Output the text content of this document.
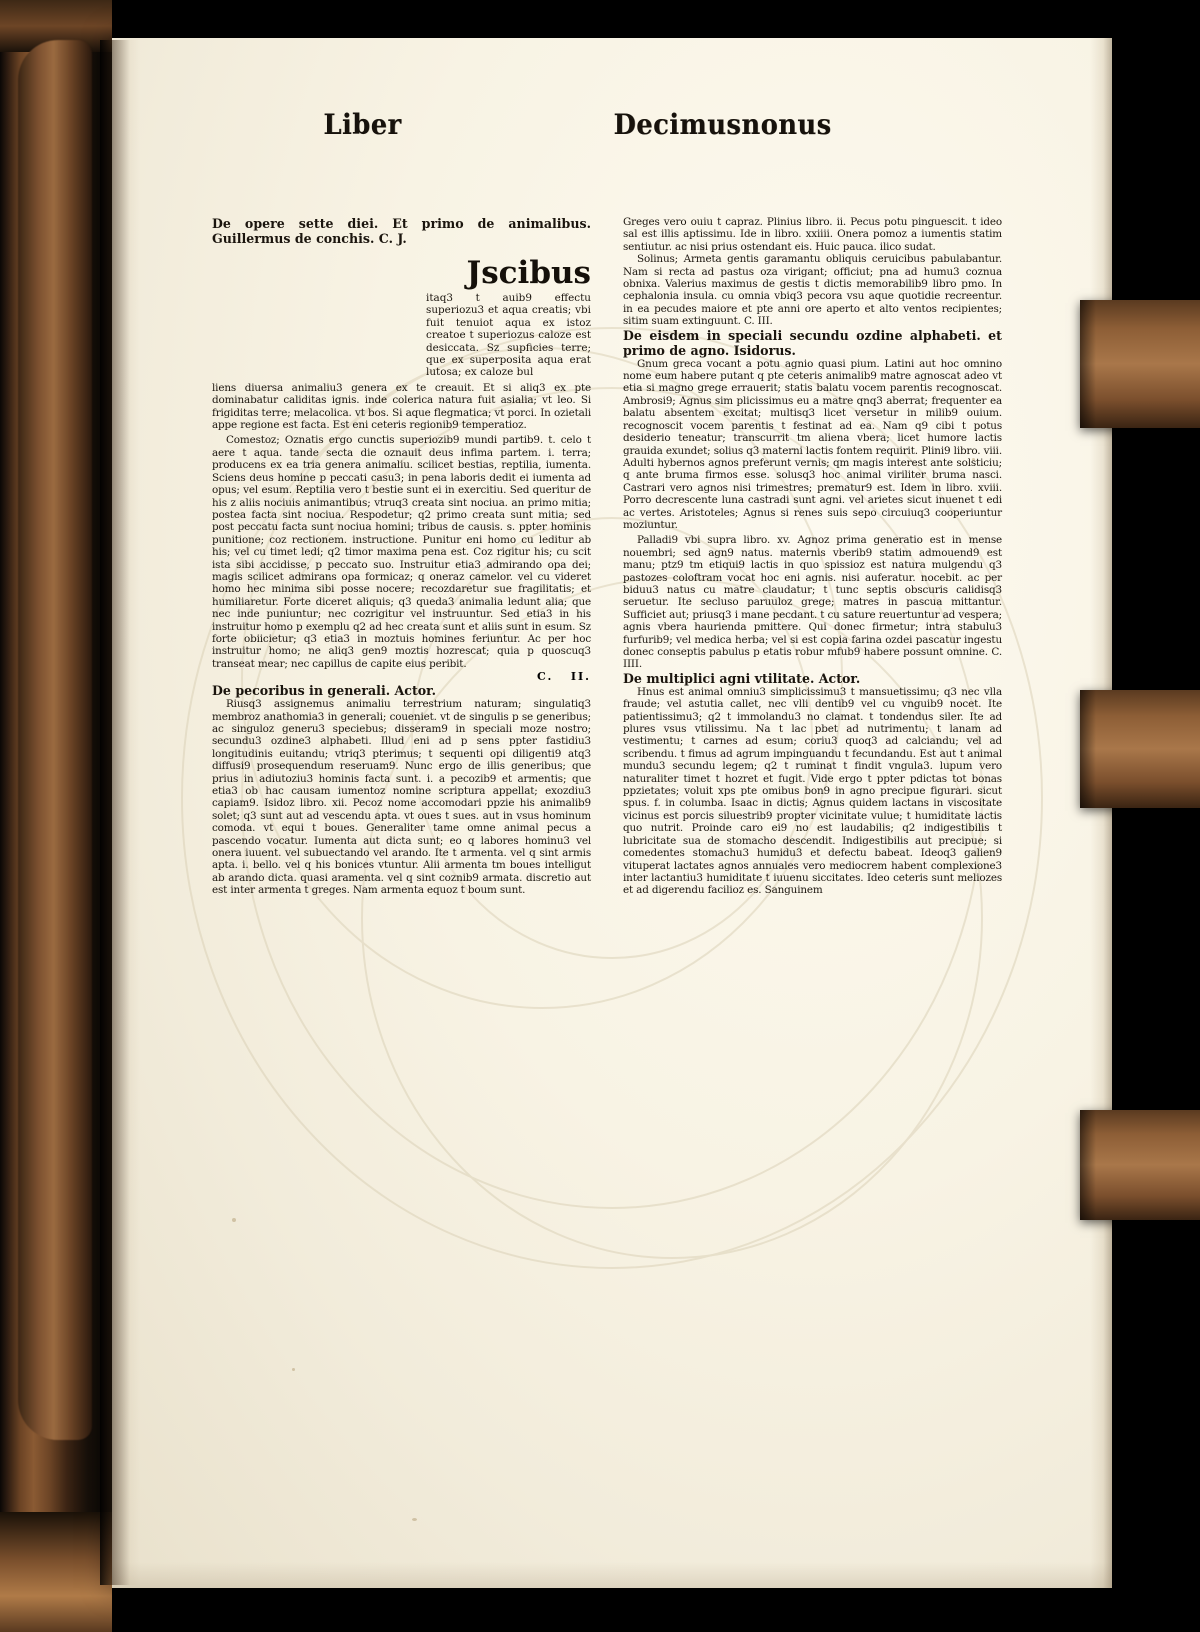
Liber	Decimusnonus
De opere sette diei. Et primo de animalibus. Guillermus de conchis. C. J.
Jscibus
itaq3 t auib9 effectu superiozu3 et aqua creatis; vbi fuit tenuiot aqua ex istoz creatoe t superiozus caloze est desiccata. Sz supficies terre; que ex superposita aqua erat lutosa; ex caloze bul
liens diuersa animaliu3 genera ex te creauit. Et si aliq3 ex pte dominabatur caliditas ignis. inde colerica natura fuit asialia; vt leo. Si frigiditas terre; melacolica. vt bos. Si aque flegmatica; vt porci. In ozietali appe regione est facta. Est eni ceteris regionib9 temperatioz.
Comestoz; Oznatis ergo cunctis superiozib9 mundi partib9. t. celo t aere t aqua. tande secta die oznauit deus infima partem. i. terra; producens ex ea tria genera animaliu. scilicet bestias, reptilia, iumenta. Sciens deus homine p peccati casu3; in pena laboris dedit ei iumenta ad opus; vel esum. Reptilia vero t bestie sunt ei in exercitiu. Sed queritur de his z aliis nociuis animantibus; vtruq3 creata sint nociua. an primo mitia; postea facta sint nociua. Respodetur; q2 primo creata sunt mitia; sed post peccatu facta sunt nociua homini; tribus de causis. s. ppter hominis punitione; coz rectionem. instructione. Punitur eni homo cu leditur ab his; vel cu timet ledi; q2 timor maxima pena est. Coz rigitur his; cu scit ista sibi accidisse, p peccato suo. Instruitur etia3 admirando opa dei; magis scilicet admirans opa formicaz; q oneraz camelor. vel cu videret homo hec minima sibi posse nocere; recozdaretur sue fragilitatis; et humiliaretur. Forte diceret aliquis; q3 queda3 animalia ledunt alia; que nec inde puniuntur; nec cozrigitur vel instruuntur. Sed etia3 in his instruitur homo p exemplu q2 ad hec creata sunt et aliis sunt in esum. Sz forte obiicietur; q3 etia3 in moztuis homines feriuntur. Ac per hoc instruitur homo; ne aliq3 gen9 moztis hozrescat; quia p quoscuq3 transeat mear; nec capillus de capite eius peribit.
C.   II.
De pecoribus in generali. Actor.
Riusq3 assignemus animaliu terrestrium naturam; singulatiq3 membroz anathomia3 in generali; coueniet. vt de singulis p se generibus; ac singuloz generu3 speciebus; disseram9 in speciali moze nostro; secundu3 ozdine3 alphabeti. Illud eni ad p sens ppter fastidiu3 longitudinis euitandu; vtriq3 pterimus; t sequenti opi diligenti9 atq3 diffusi9 prosequendum reseruam9. Nunc ergo de illis generibus; que prius in adiutoziu3 hominis facta sunt. i. a pecozib9 et armentis; que etia3 ob hac causam iumentoz nomine scriptura appellat; exozdiu3 capiam9. Isidoz libro. xii. Pecoz nome accomodari ppzie his animalib9 solet; q3 sunt aut ad vescendu apta. vt oues t sues. aut in vsus hominum comoda. vt equi t boues. Generaliter tame omne animal pecus a pascendo vocatur. Iumenta aut dicta sunt; eo q labores hominu3 vel onera iuuent. vel subuectando vel arando. Ite t armenta. vel q sint armis apta. i. bello. vel q his bonices vtuntur. Alii armenta tm boues intelligut ab arando dicta. quasi aramenta. vel q sint coznib9 armata. discretio aut est inter armenta t greges. Nam armenta equoz t boum sunt.
Greges vero ouiu t capraz. Plinius libro. ii. Pecus potu pinguescit. t ideo sal est illis aptissimu. Ide in libro. xxiiii. Onera pomoz a iumentis statim sentiutur. ac nisi prius ostendant eis. Huic pauca. ilico sudat.
Solinus; Armeta gentis garamantu obliquis ceruicibus pabulabantur. Nam si recta ad pastus oza virigant; officiut; pna ad humu3 coznua obnixa. Valerius maximus de gestis t dictis memorabilib9 libro pmo. In cephalonia insula. cu omnia vbiq3 pecora vsu aque quotidie recreentur. in ea pecudes maiore et pte anni ore aperto et alto ventos recipientes; sitim suam extinguunt. C. III.
De eisdem in speciali secundu ozdine alphabeti. et primo de agno. Isidorus.
Gnum greca vocant a potu agnio quasi pium. Latini aut hoc omnino nome eum habere putant q pte ceteris animalib9 matre agnoscat adeo vt etia si magno grege errauerit; statis balatu vocem parentis recognoscat. Ambrosi9; Agnus sim plicissimus eu a matre qnq3 aberrat; frequenter ea balatu absentem excitat; multisq3 licet versetur in milib9 ouium. recognoscit vocem parentis t festinat ad ea. Nam q9 cibi t potus desiderio teneatur; transcurrit tm aliena vbera; licet humore lactis grauida exundet; solius q3 materni lactis fontem requirit. Plini9 libro. viii. Adulti hybernos agnos preferunt vernis; qm magis interest ante solsticiu; q ante bruma firmos esse. solusq3 hoc animal viriliter bruma nasci. Castrari vero agnos nisi trimestres; prematur9 est. Idem in libro. xviii. Porro decrescente luna castradi sunt agni. vel arietes sicut inuenet t edi ac vertes. Aristoteles; Agnus si renes suis sepo circuiuq3 cooperiuntur moziuntur.
Palladi9 vbi supra libro. xv. Agnoz prima generatio est in mense nouembri; sed agn9 natus. maternis vberib9 statim admouend9 est manu; ptz9 tm etiqui9 lactis in quo spissioz est natura mulgendu q3 pastozes coloftram vocat hoc eni agnis. nisi auferatur. nocebit. ac per biduu3 natus cu matre claudatur; t tunc septis obscuris calidisq3 seruetur. Ite secluso paruuloz grege; matres in pascua mittantur. Sufficiet aut; priusq3 i mane pecdant. t cu sature reuertuntur ad vespera; agnis vbera haurienda pmittere. Qui donec firmetur; intra stabulu3 furfurib9; vel medica herba; vel si est copia farina ozdei pascatur ingestu donec conseptis pabulus p etatis robur mfub9 habere possunt omnine. C. IIII.
De multiplici agni vtilitate. Actor.
Hnus est animal omniu3 simplicissimu3 t mansuetissimu; q3 nec vlla fraude; vel astutia callet, nec vlli dentib9 vel cu vnguib9 nocet. Ite patientissimu3; q2 t immolandu3 no clamat. t tondendus siler. Ite ad plures vsus vtilissimu. Na t lac pbet ad nutrimentu; t lanam ad vestimentu; t carnes ad esum; coriu3 quoq3 ad calciandu; vel ad scribendu. t fimus ad agrum impinguandu t fecundandu. Est aut t animal mundu3 secundu legem; q2 t ruminat t findit vngula3. lupum vero naturaliter timet t hozret et fugit. Vide ergo t ppter pdictas tot bonas ppzietates; voluit xps pte omibus bon9 in agno precipue figurari. sicut spus. f. in columba. Isaac in dictis; Agnus quidem lactans in viscositate vicinus est porcis siluestrib9 propter vicinitate vulue; t humiditate lactis quo nutrit. Proinde caro ei9 no est laudabilis; q2 indigestibilis t lubricitate sua de stomacho descendit. Indigestibilis aut precipue; si comedentes stomachu3 humidu3 et defectu babeat. Ideoq3 galien9 vituperat lactates agnos annuales vero mediocrem habent complexione3 inter lactantiu3 humiditate t iuuenu siccitates. Ideo ceteris sunt meliozes et ad digerendu facilioz es. Sanguinem
